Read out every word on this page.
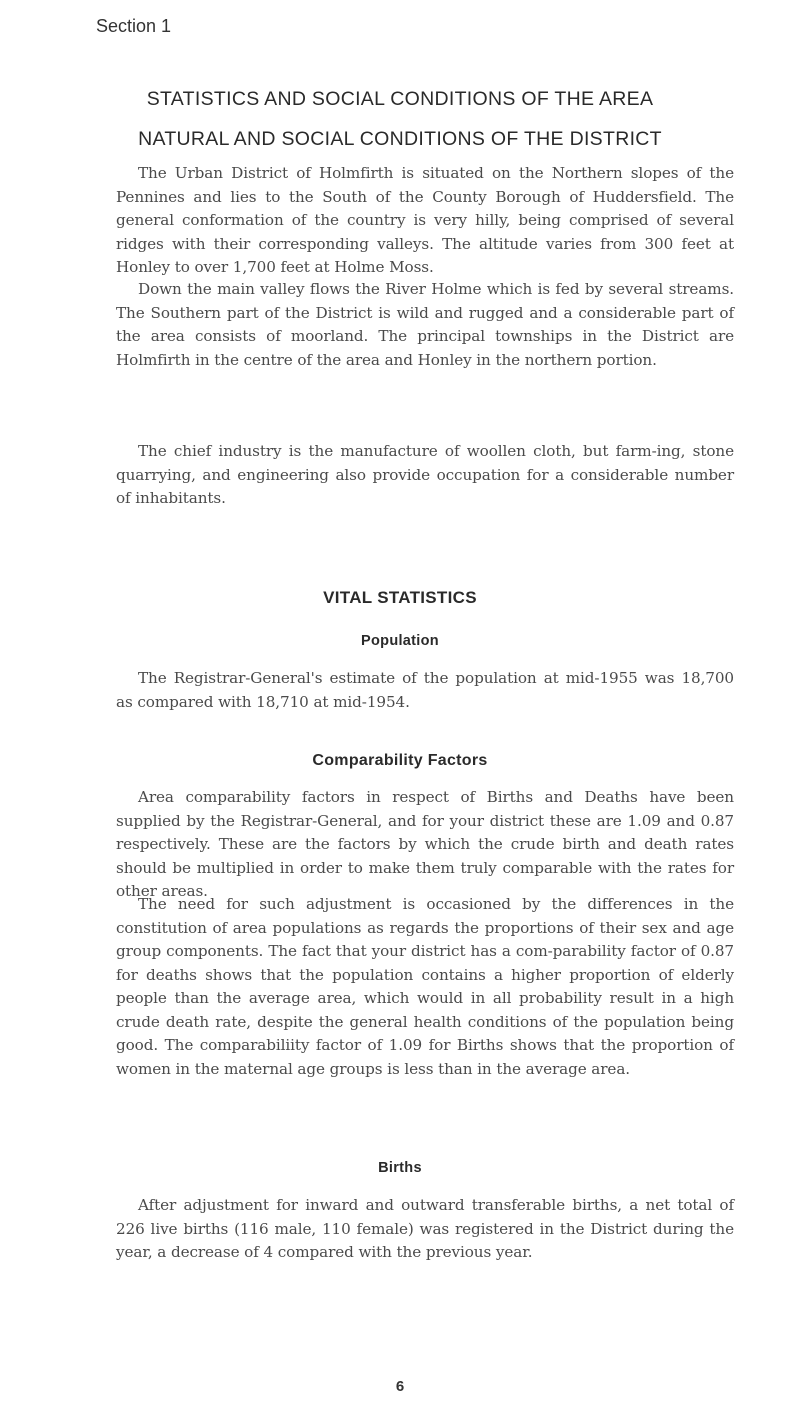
Section 1
STATISTICS AND SOCIAL CONDITIONS OF THE AREA
NATURAL AND SOCIAL CONDITIONS OF THE DISTRICT

The Urban District of Holmfirth is situated on the Northern slopes of the Pennines and lies to the South of the County Borough of Huddersfield. The general conformation of the country is very hilly, being comprised of several ridges with their corresponding valleys. The altitude varies from 300 feet at Honley to over 1,700 feet at Holme Moss.

Down the main valley flows the River Holme which is fed by several streams. The Southern part of the District is wild and rugged and a considerable part of the area consists of moorland. The principal townships in the District are Holmfirth in the centre of the area and Honley in the northern portion.

The chief industry is the manufacture of woollen cloth, but farm-ing, stone quarrying, and engineering also provide occupation for a considerable number of inhabitants.

VITAL STATISTICS
Population

The Registrar-General's estimate of the population at mid-1955 was 18,700 as compared with 18,710 at mid-1954.

Comparability Factors

Area comparability factors in respect of Births and Deaths have been supplied by the Registrar-General, and for your district these are 1.09 and 0.87 respectively. These are the factors by which the crude birth and death rates should be multiplied in order to make them truly comparable with the rates for other areas.

The need for such adjustment is occasioned by the differences in the constitution of area populations as regards the proportions of their sex and age group components. The fact that your district has a com-parability factor of 0.87 for deaths shows that the population contains a higher proportion of elderly people than the average area, which would in all probability result in a high crude death rate, despite the general health conditions of the population being good. The comparabiliity factor of 1.09 for Births shows that the proportion of women in the maternal age groups is less than in the average area.

Births

After adjustment for inward and outward transferable births, a net total of 226 live births (116 male, 110 female) was registered in the District during the year, a decrease of 4 compared with the previous year.

6
